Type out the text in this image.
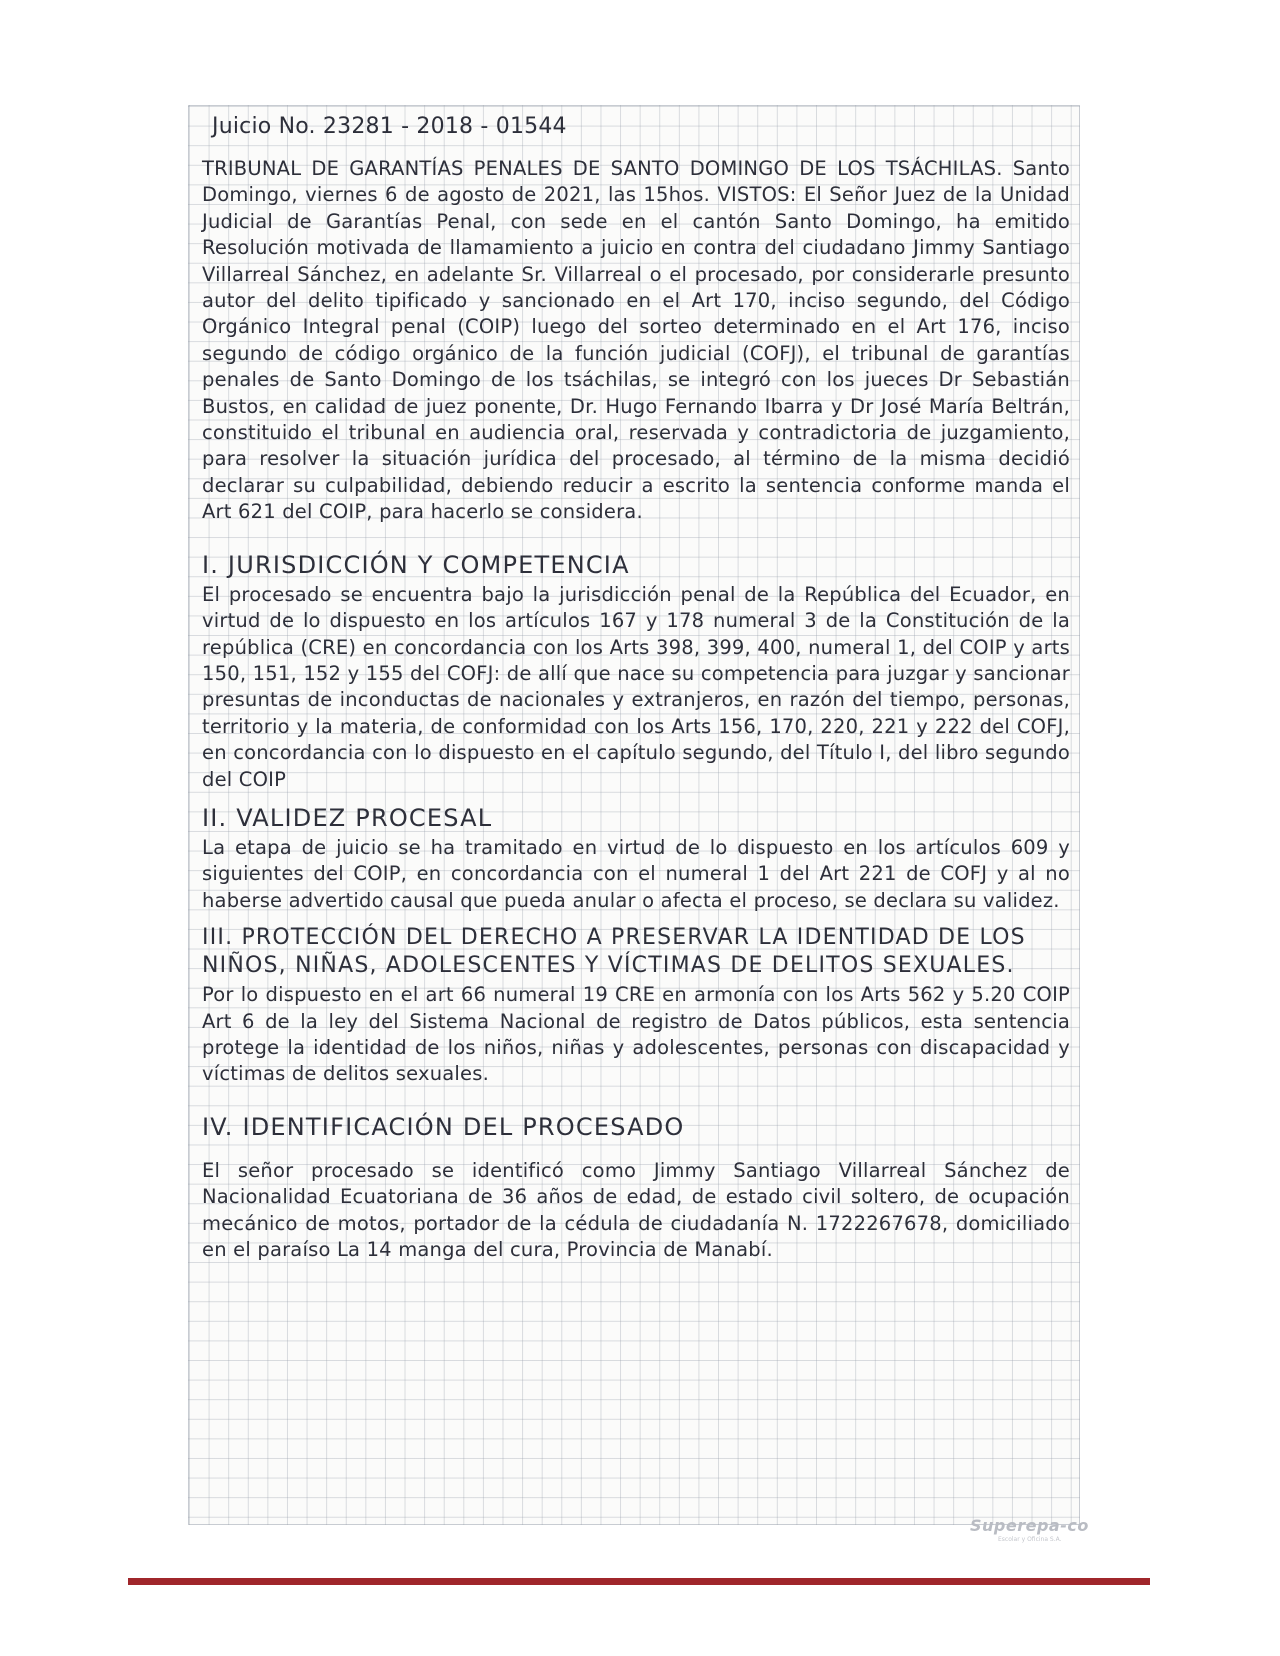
Juicio No. 23281 - 2018 - 01544

TRIBUNAL DE GARANTÍAS PENALES DE SANTO DOMINGO DE LOS TSÁCHILAS. Santo Domingo, viernes 6 de agosto de 2021, las 15hos. VISTOS: El Señor Juez de la Unidad Judicial de Garantías Penal, con sede en el cantón Santo Domingo, ha emitido Resolución motivada de llamamiento a juicio en contra del ciudadano Jimmy Santiago Villarreal Sánchez, en adelante Sr. Villarreal o el procesado, por considerarle presunto autor del delito tipificado y sancionado en el Art 170, inciso segundo, del Código Orgánico Integral penal (COIP) luego del sorteo determinado en el Art 176, inciso segundo de código orgánico de la función judicial (COFJ), el tribunal de garantías penales de Santo Domingo de los tsáchilas, se integró con los jueces Dr Sebastián Bustos, en calidad de juez ponente, Dr. Hugo Fernando Ibarra y Dr José María Beltrán, constituido el tribunal en audiencia oral, reservada y contradictoria de juzgamiento, para resolver la situación jurídica del procesado, al término de la misma decidió declarar su culpabilidad, debiendo reducir a escrito la sentencia conforme manda el Art 621 del COIP, para hacerlo se considera.

I. JURISDICCIÓN Y COMPETENCIA

El procesado se encuentra bajo la jurisdicción penal de la República del Ecuador, en virtud de lo dispuesto en los artículos 167 y 178 numeral 3 de la Constitución de la república (CRE) en concordancia con los Arts 398, 399, 400, numeral 1, del COIP y arts 150, 151, 152 y 155 del COFJ: de allí que nace su competencia para juzgar y sancionar presuntas de inconductas de nacionales y extranjeros, en razón del tiempo, personas, territorio y la materia, de conformidad con los Arts 156, 170, 220, 221 y 222 del COFJ, en concordancia con lo dispuesto en el capítulo segundo, del Título I, del libro segundo del COIP

II. VALIDEZ PROCESAL

La etapa de juicio se ha tramitado en virtud de lo dispuesto en los artículos 609 y siguientes del COIP, en concordancia con el numeral 1 del Art 221 de COFJ y al no haberse advertido causal que pueda anular o afecta el proceso, se declara su validez.

III. PROTECCIÓN DEL DERECHO A PRESERVAR LA IDENTIDAD DE LOS NIÑOS, NIÑAS, ADOLESCENTES Y VÍCTIMAS DE DELITOS SEXUALES.

Por lo dispuesto en el art 66 numeral 19 CRE en armonía con los Arts 562 y 5.20 COIP Art 6 de la ley del Sistema Nacional de registro de Datos públicos, esta sentencia protege la identidad de los niños, niñas y adolescentes, personas con discapacidad y víctimas de delitos sexuales.

IV. IDENTIFICACIÓN DEL PROCESADO

El señor procesado se identificó como Jimmy Santiago Villarreal Sánchez de Nacionalidad Ecuatoriana de 36 años de edad, de estado civil soltero, de ocupación mecánico de motos, portador de la cédula de ciudadanía N. 1722267678, domiciliado en el paraíso La 14 manga del cura, Provincia de Manabí.

Superepa-co
Escolar y Oficina S.A.
